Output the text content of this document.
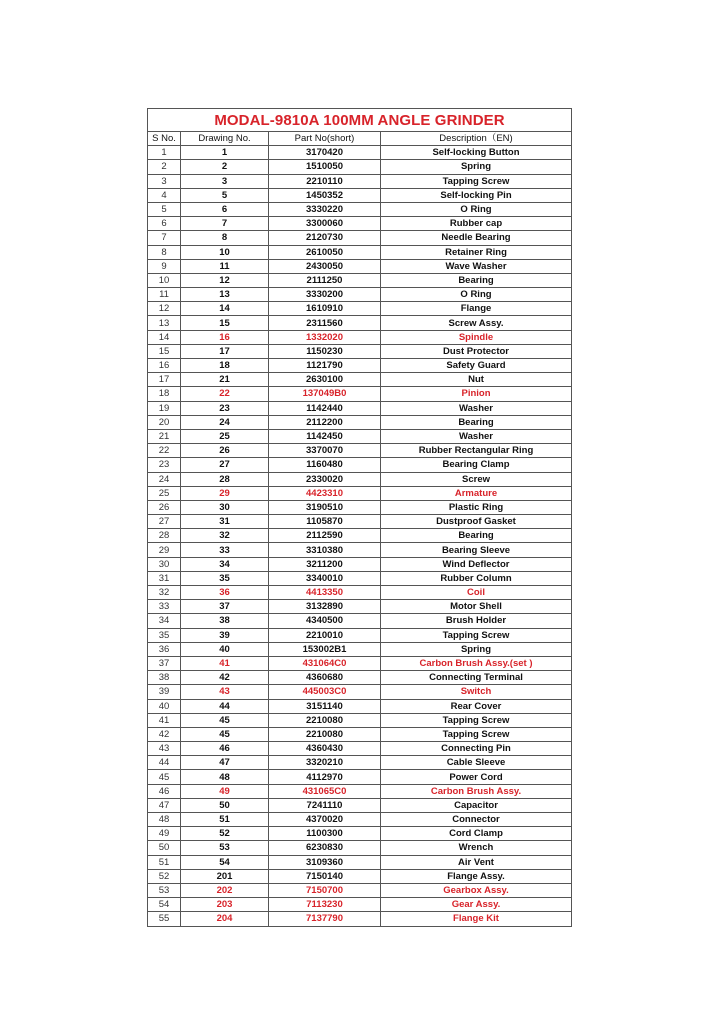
MODAL-9810A 100MM ANGLE GRINDER			
S No.	Drawing No.	Part No(short)	Description（EN)
1	1	3170420	Self-locking Button
2	2	1510050	Spring
3	3	2210110	Tapping Screw
4	5	1450352	Self-locking Pin
5	6	3330220	O Ring
6	7	3300060	Rubber cap
7	8	2120730	Needle Bearing
8	10	2610050	Retainer Ring
9	11	2430050	Wave Washer
10	12	2111250	Bearing
11	13	3330200	O Ring
12	14	1610910	Flange
13	15	2311560	Screw Assy.
14	16	1332020	Spindle
15	17	1150230	Dust Protector
16	18	1121790	Safety Guard
17	21	2630100	Nut
18	22	137049B0	Pinion
19	23	1142440	Washer
20	24	2112200	Bearing
21	25	1142450	Washer
22	26	3370070	Rubber Rectangular Ring
23	27	1160480	Bearing Clamp
24	28	2330020	Screw
25	29	4423310	Armature
26	30	3190510	Plastic Ring
27	31	1105870	Dustproof Gasket
28	32	2112590	Bearing
29	33	3310380	Bearing Sleeve
30	34	3211200	Wind Deflector
31	35	3340010	Rubber Column
32	36	4413350	Coil
33	37	3132890	Motor Shell
34	38	4340500	Brush Holder
35	39	2210010	Tapping Screw
36	40	153002B1	Spring
37	41	431064C0	Carbon Brush Assy.(set )
38	42	4360680	Connecting Terminal
39	43	445003C0	Switch
40	44	3151140	Rear Cover
41	45	2210080	Tapping Screw
42	45	2210080	Tapping Screw
43	46	4360430	Connecting Pin
44	47	3320210	Cable Sleeve
45	48	4112970	Power Cord
46	49	431065C0	Carbon Brush Assy.
47	50	7241110	Capacitor
48	51	4370020	Connector
49	52	1100300	Cord Clamp
50	53	6230830	Wrench
51	54	3109360	Air Vent
52	201	7150140	Flange Assy.
53	202	7150700	Gearbox Assy.
54	203	7113230	Gear Assy.
55	204	7137790	Flange Kit
